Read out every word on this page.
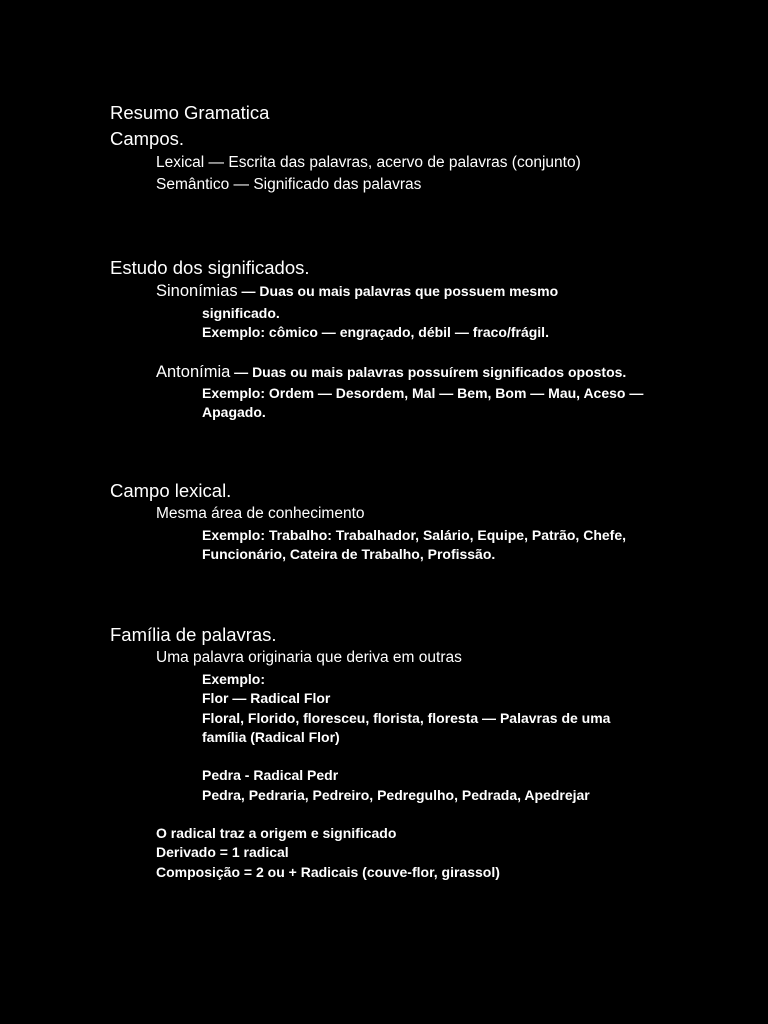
Resumo Gramatica
Campos.
Lexical — Escrita das palavras, acervo de palavras (conjunto)
Semântico — Significado das palavras
Estudo dos significados.
Sinonímias — Duas ou mais palavras que possuem mesmo
significado.
Exemplo: cômico — engraçado, débil — fraco/frágil.
Antonímia — Duas ou mais palavras possuírem significados opostos.
Exemplo: Ordem — Desordem, Mal — Bem, Bom — Mau, Aceso —
Apagado.
Campo lexical.
Mesma área de conhecimento
Exemplo: Trabalho: Trabalhador, Salário, Equipe, Patrão, Chefe,
Funcionário, Cateira de Trabalho, Profissão.
Família de palavras.
Uma palavra originaria que deriva em outras
Exemplo:
Flor — Radical Flor
Floral, Florido, floresceu, florista, floresta — Palavras de uma
família (Radical Flor)
Pedra - Radical Pedr
Pedra, Pedraria, Pedreiro, Pedregulho, Pedrada, Apedrejar
O radical traz a origem e significado
Derivado = 1 radical
Composição = 2 ou + Radicais (couve-flor, girassol)
